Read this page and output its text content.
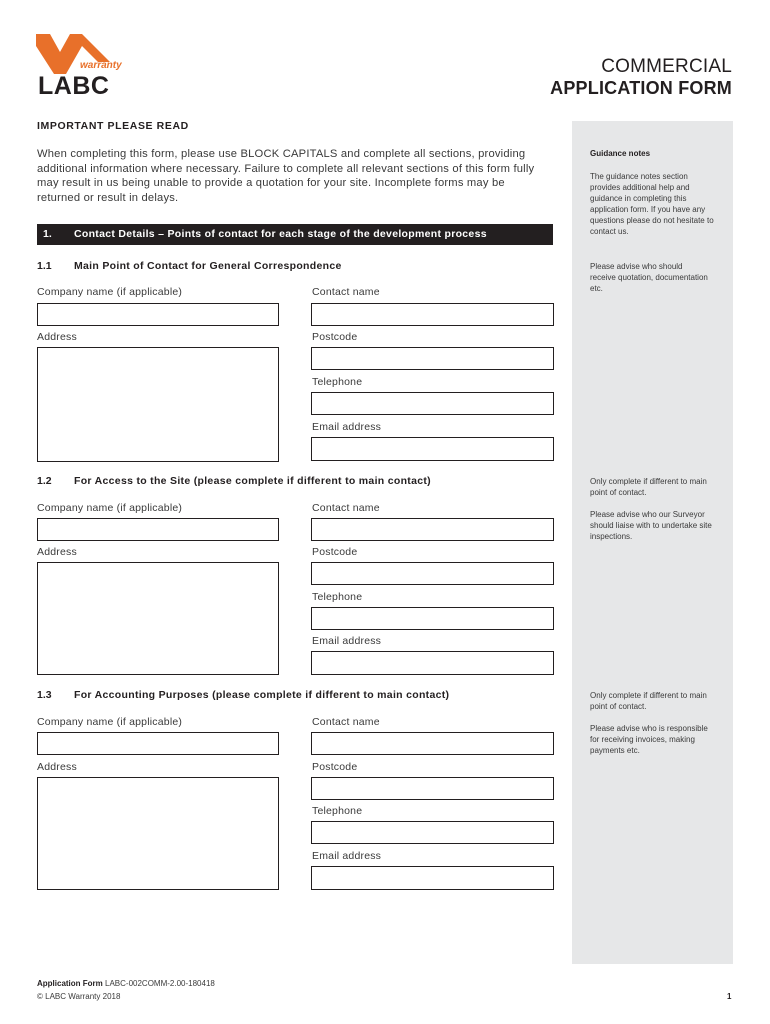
warranty
LABC
COMMERCIAL
APPLICATION FORM
IMPORTANT PLEASE READ
When completing this form, please use BLOCK CAPITALS and complete all sections, providing additional information where necessary. Failure to complete all relevant sections of this form fully may result in us being unable to provide a quotation for your site. Incomplete forms may be returned or result in delays.
Guidance notes
The guidance notes section provides additional help and guidance in completing this application form. If you have any questions please do not hesitate to contact us.
Please advise who should receive quotation, documentation etc.
Only complete if different to main point of contact.
Please advise who our Surveyor should liaise with to undertake site inspections.
Only complete if different to main point of contact.
Please advise who is responsible for receiving invoices, making payments etc.
1. Contact Details – Points of contact for each stage of the development process
1.1 Main Point of Contact for General Correspondence
Company name (if applicable)	Contact name
Address	Postcode
Telephone
Email address
1.2 For Access to the Site (please complete if different to main contact)
Company name (if applicable)	Contact name
Address	Postcode
Telephone
Email address
1.3 For Accounting Purposes (please complete if different to main contact)
Company name (if applicable)	Contact name
Address	Postcode
Telephone
Email address
Application Form LABC-002COMM-2.00-180418
© LABC Warranty 2018	1
